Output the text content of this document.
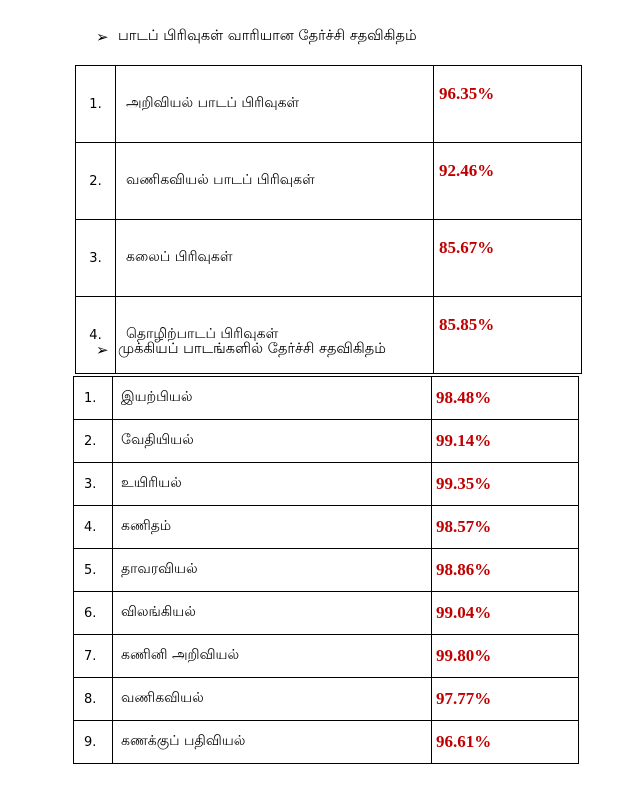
➢ பாடப் பிரிவுகள் வாரியான தேர்ச்சி சதவிகிதம்
1.	அறிவியல் பாடப் பிரிவுகள்	96.35%
2.	வணிகவியல் பாடப் பிரிவுகள்	92.46%
3.	கலைப் பிரிவுகள்	85.67%
4.	தொழிற்பாடப் பிரிவுகள்	85.85%
➢ முக்கியப் பாடங்களில் தேர்ச்சி சதவிகிதம்
1.	இயற்பியல்	98.48%
2.	வேதியியல்	99.14%
3.	உயிரியல்	99.35%
4.	கணிதம்	98.57%
5.	தாவரவியல்	98.86%
6.	விலங்கியல்	99.04%
7.	கணினி அறிவியல்	99.80%
8.	வணிகவியல்	97.77%
9.	கணக்குப் பதிவியல்	96.61%
